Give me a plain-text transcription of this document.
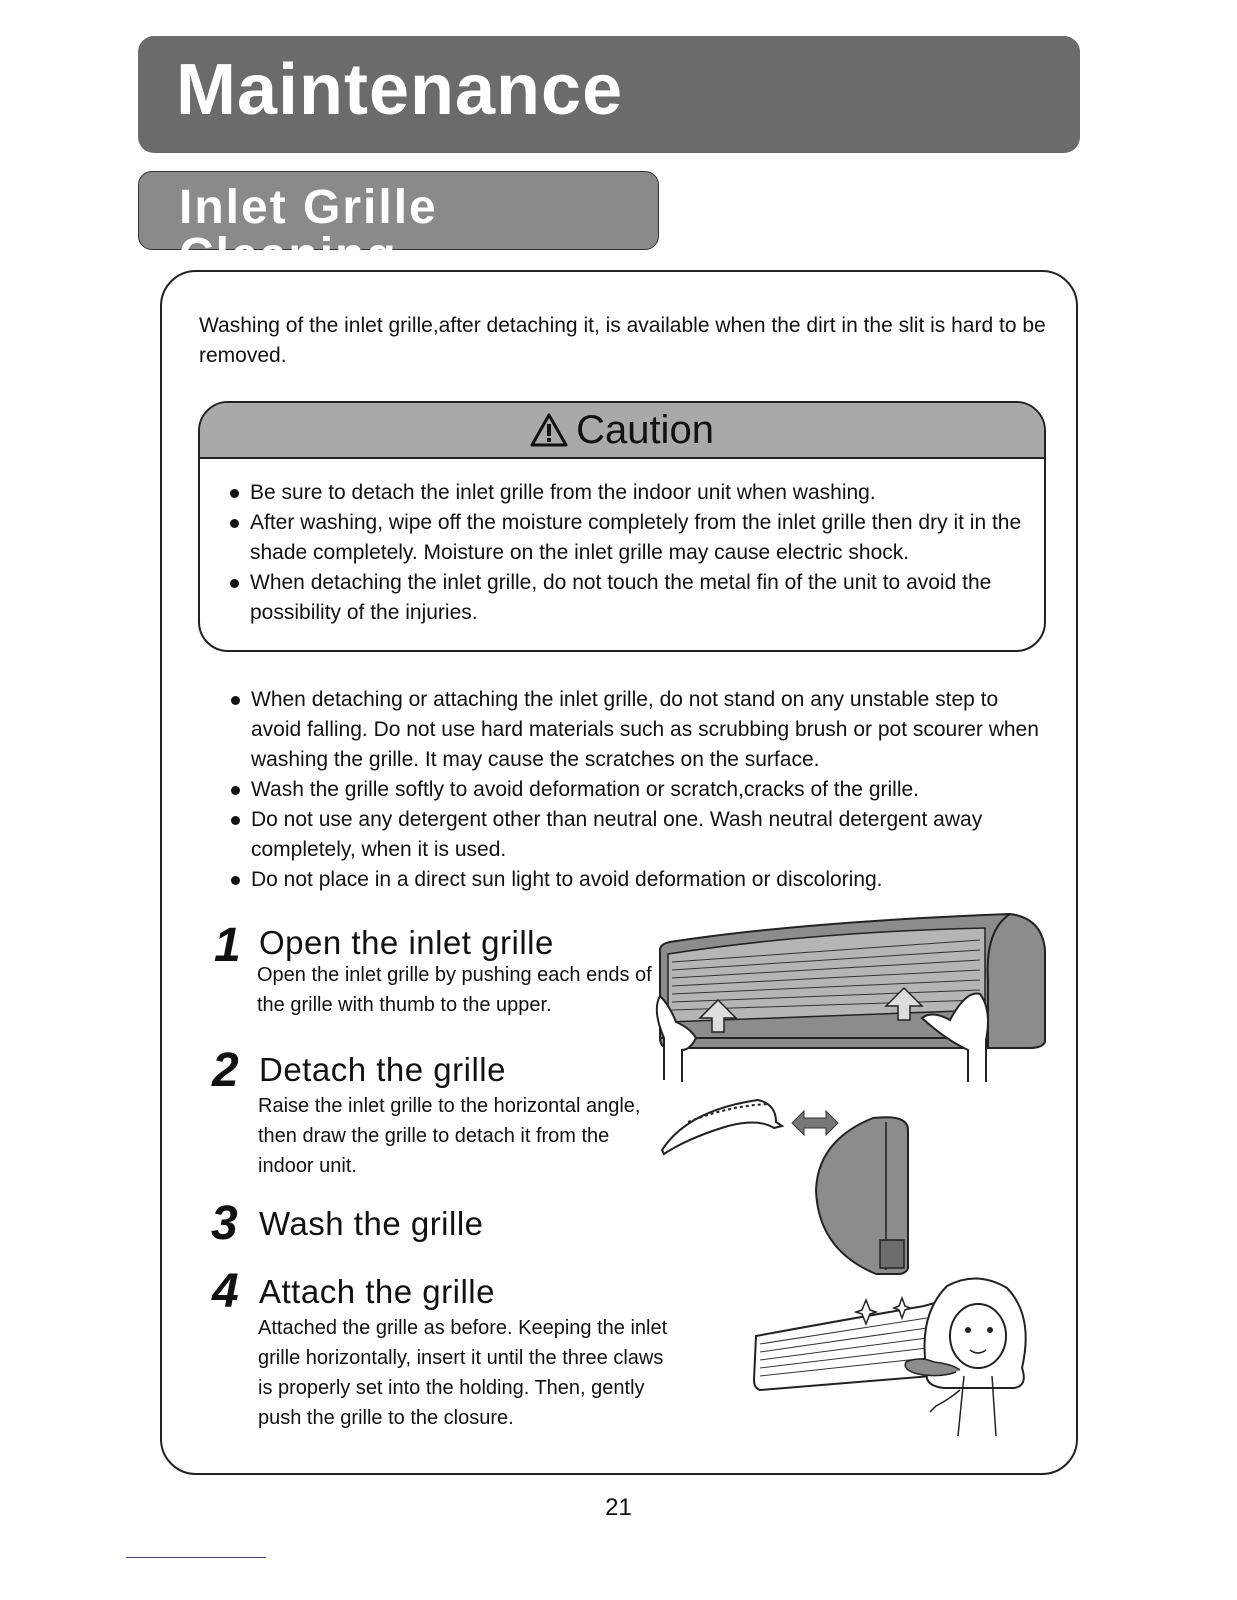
Maintenance
Inlet Grille Cleaning
Washing of the inlet grille,after detaching it, is available when the dirt in the slit is hard to be removed.
Caution
Be sure to detach the inlet grille from the indoor unit when washing.
After washing, wipe off the moisture completely from the inlet grille then dry it in the shade completely. Moisture on the inlet grille may cause electric shock.
When detaching the inlet grille, do not touch the metal fin of the unit to avoid the possibility of the injuries.
When detaching or attaching the inlet grille, do not stand on any unstable step to avoid falling. Do not use hard materials such as scrubbing brush or pot scourer when washing the grille. It may cause the scratches on the surface.
Wash the grille softly to avoid deformation or scratch,cracks of the grille.
Do not use any detergent other than neutral one. Wash neutral detergent away completely, when it is used.
Do not place in a direct sun light to avoid deformation or discoloring.
1 Open the inlet grille
Open the inlet grille by pushing each ends of the grille with thumb to the upper.
2 Detach the grille
Raise the inlet grille to the horizontal angle, then draw the grille to detach it from the indoor unit.
3 Wash the grille
4 Attach the grille
Attached the grille as before. Keeping the inlet grille horizontally, insert it until the three claws is properly set into the holding. Then, gently push the grille to the closure.
21
